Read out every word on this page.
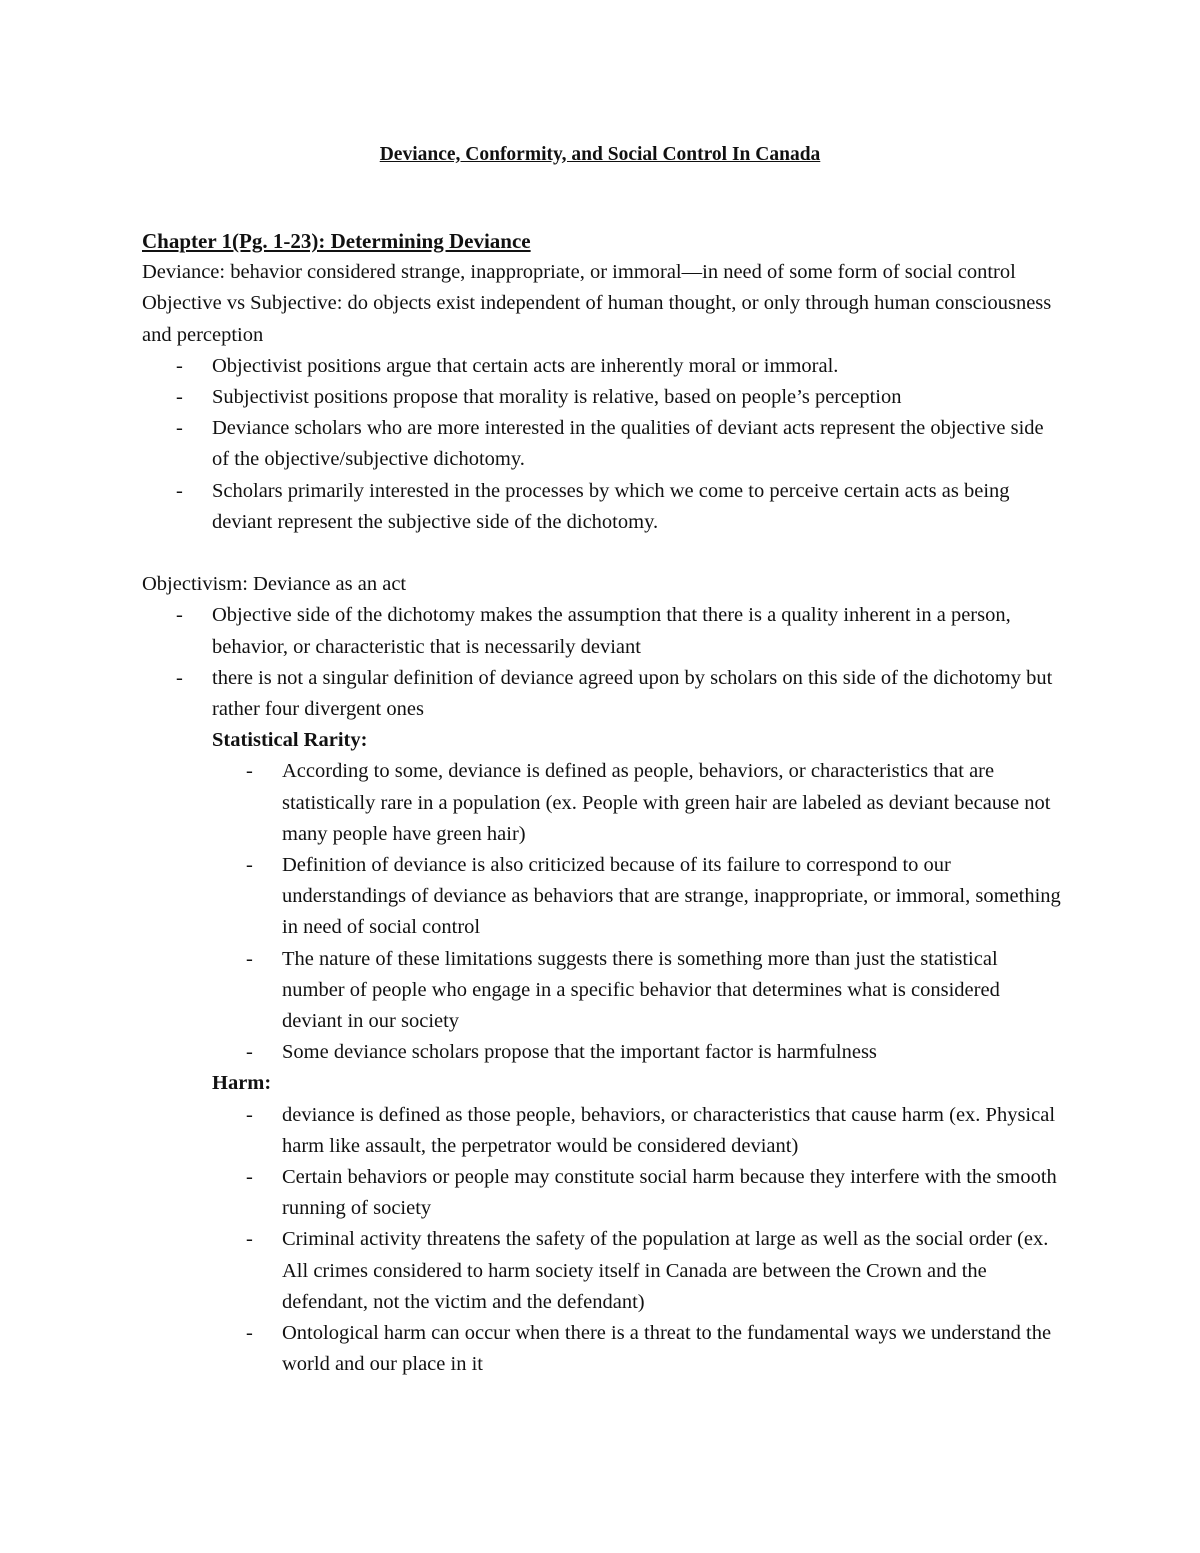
Deviance, Conformity, and Social Control In Canada
Chapter 1(Pg. 1-23): Determining Deviance
Deviance: behavior considered strange, inappropriate, or immoral—in need of some form of social control
Objective vs Subjective: do objects exist independent of human thought, or only through human consciousness and perception
- Objectivist positions argue that certain acts are inherently moral or immoral.
- Subjectivist positions propose that morality is relative, based on people’s perception
- Deviance scholars who are more interested in the qualities of deviant acts represent the objective side of the objective/subjective dichotomy.
- Scholars primarily interested in the processes by which we come to perceive certain acts as being deviant represent the subjective side of the dichotomy.
Objectivism: Deviance as an act
- Objective side of the dichotomy makes the assumption that there is a quality inherent in a person, behavior, or characteristic that is necessarily deviant
- there is not a singular definition of deviance agreed upon by scholars on this side of the dichotomy but rather four divergent ones
Statistical Rarity:
- According to some, deviance is defined as people, behaviors, or characteristics that are statistically rare in a population (ex. People with green hair are labeled as deviant because not many people have green hair)
- Definition of deviance is also criticized because of its failure to correspond to our understandings of deviance as behaviors that are strange, inappropriate, or immoral, something in need of social control
- The nature of these limitations suggests there is something more than just the statistical number of people who engage in a specific behavior that determines what is considered deviant in our society
- Some deviance scholars propose that the important factor is harmfulness
Harm:
- deviance is defined as those people, behaviors, or characteristics that cause harm (ex. Physical harm like assault, the perpetrator would be considered deviant)
- Certain behaviors or people may constitute social harm because they interfere with the smooth running of society
- Criminal activity threatens the safety of the population at large as well as the social order (ex. All crimes considered to harm society itself in Canada are between the Crown and the defendant, not the victim and the defendant)
- Ontological harm can occur when there is a threat to the fundamental ways we understand the world and our place in it
